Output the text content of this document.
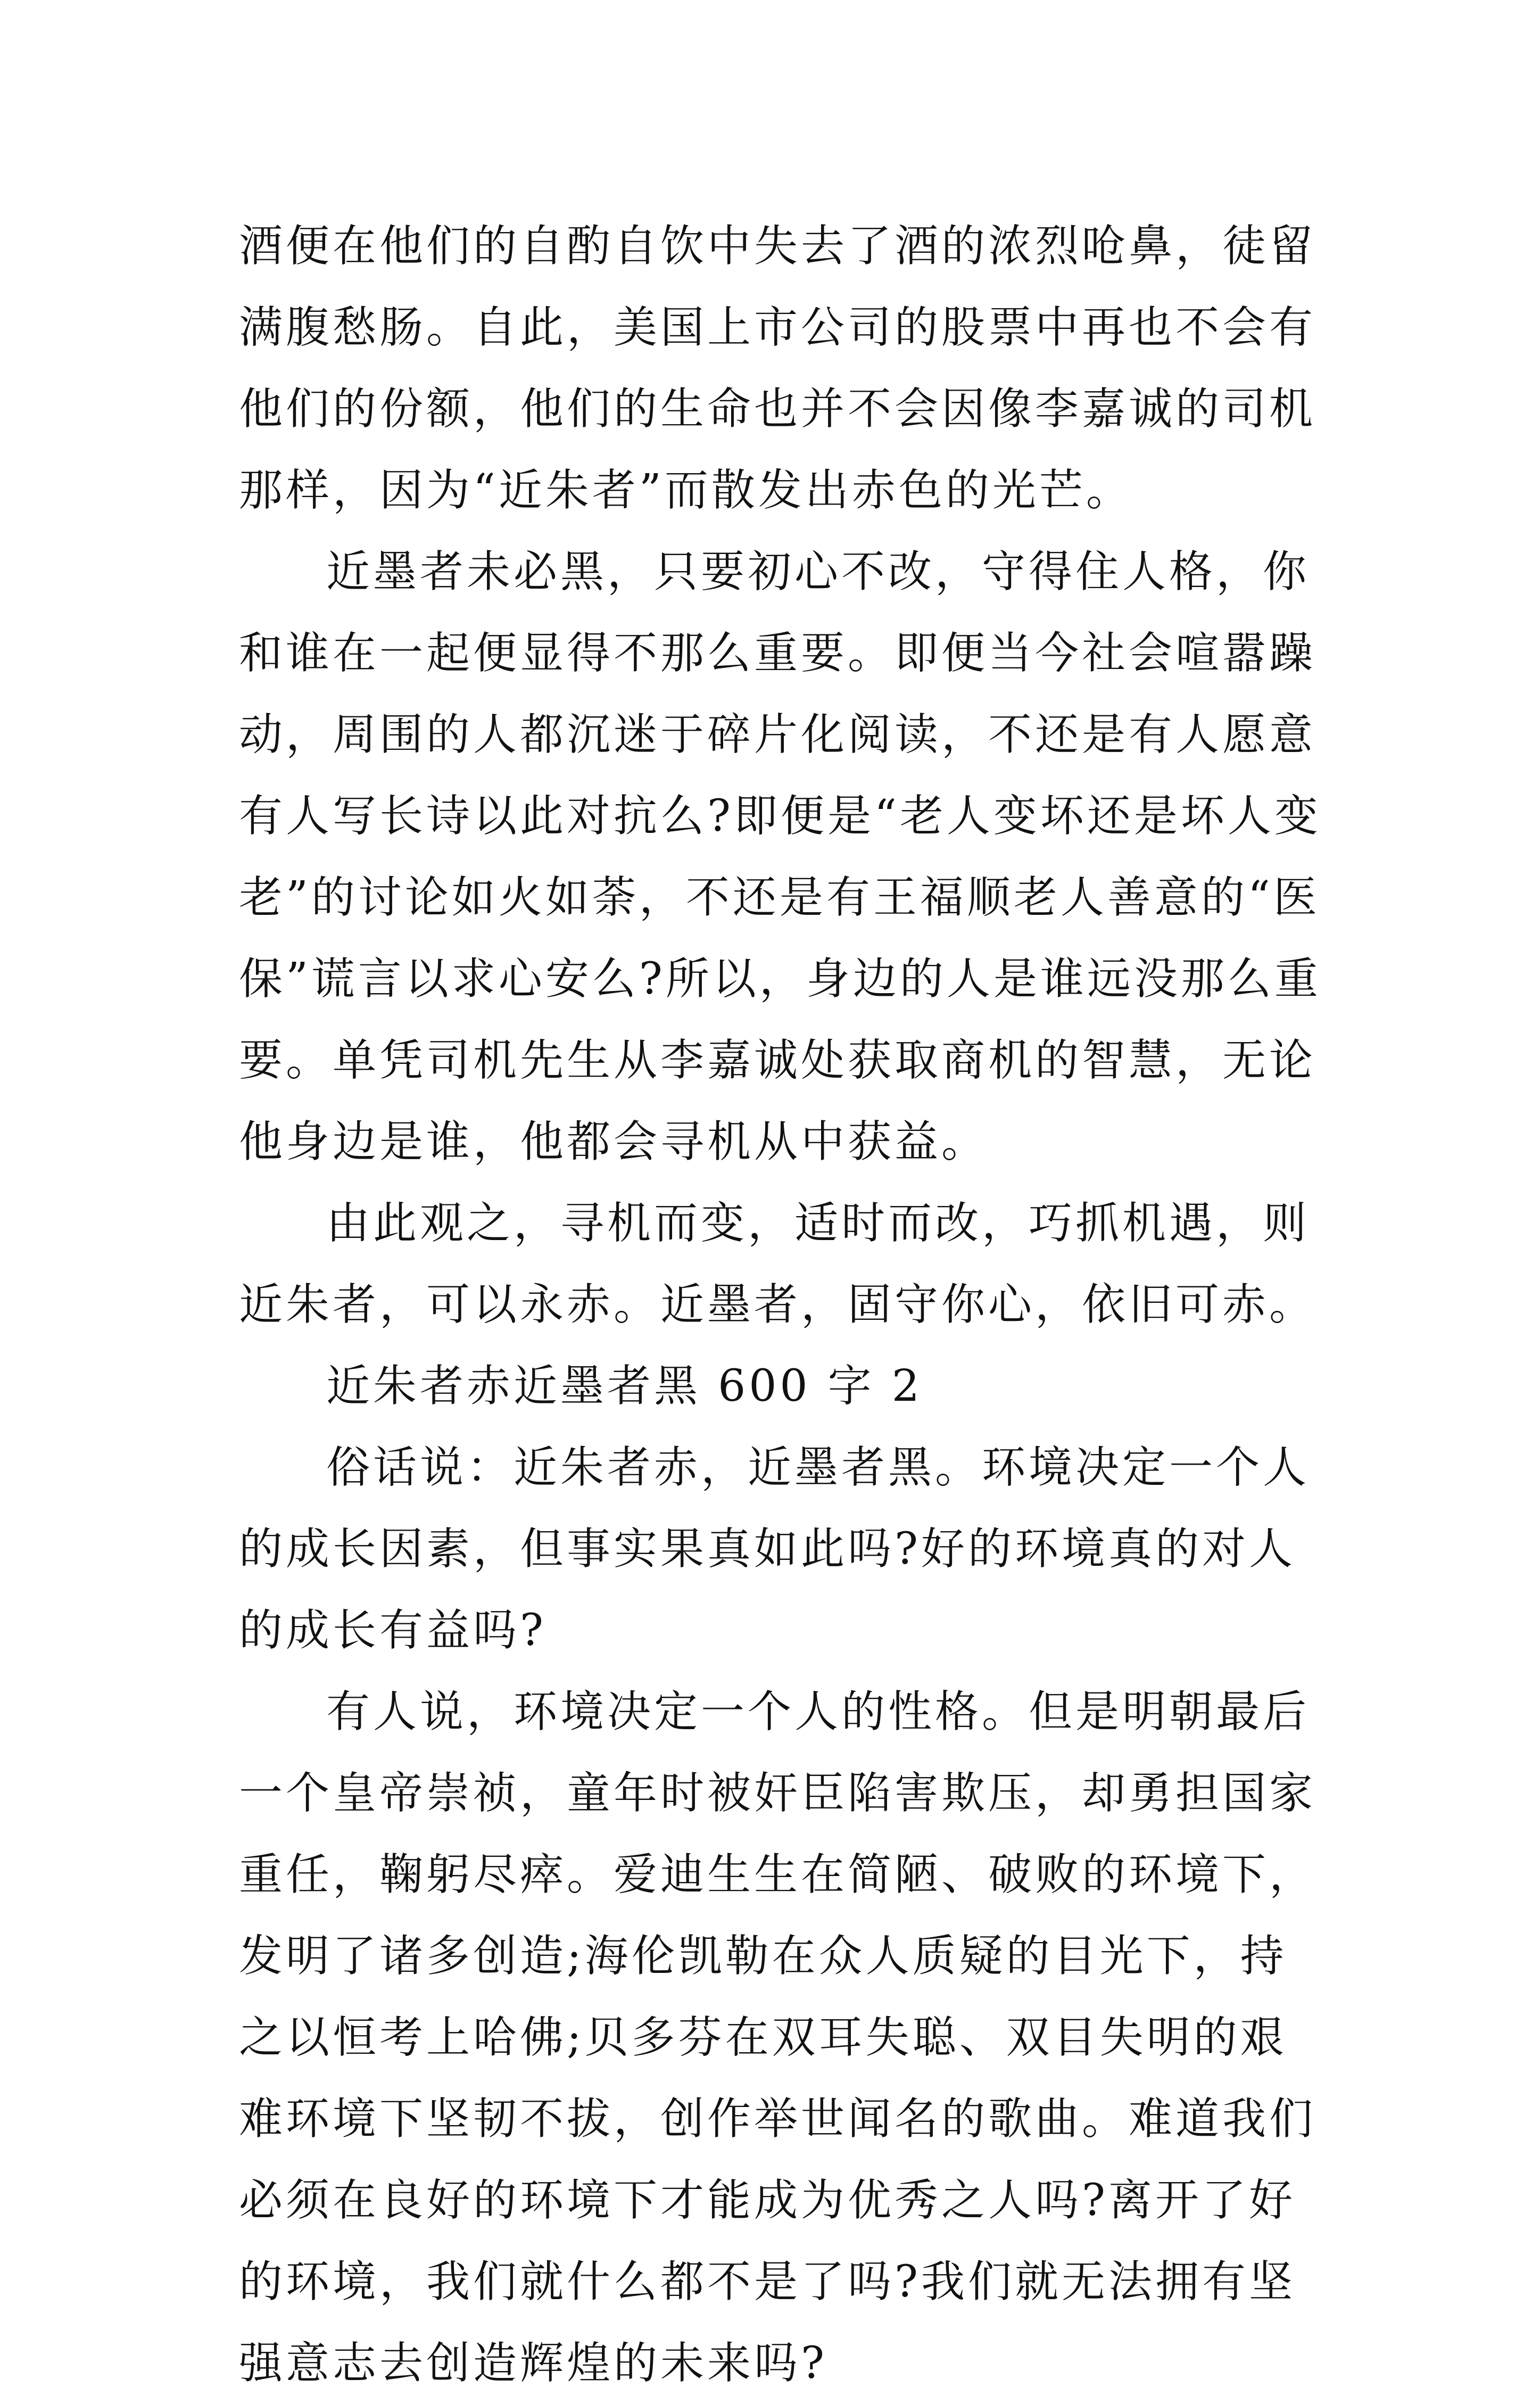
酒便在他们的自酌自饮中失去了酒的浓烈呛鼻，徒留满腹愁肠。自此，美国上市公司的股票中再也不会有他们的份额，他们的生命也并不会因像李嘉诚的司机那样，因为“近朱者”而散发出赤色的光芒。

近墨者未必黑，只要初心不改，守得住人格，你和谁在一起便显得不那么重要。即便当今社会喧嚣躁动，周围的人都沉迷于碎片化阅读，不还是有人愿意有人写长诗以此对抗么?即便是“老人变坏还是坏人变老”的讨论如火如荼，不还是有王福顺老人善意的“医保”谎言以求心安么?所以，身边的人是谁远没那么重要。单凭司机先生从李嘉诚处获取商机的智慧，无论他身边是谁，他都会寻机从中获益。

由此观之，寻机而变，适时而改，巧抓机遇，则近朱者，可以永赤。近墨者，固守你心，依旧可赤。

近朱者赤近墨者黑 600 字 2

俗话说：近朱者赤，近墨者黑。环境决定一个人的成长因素，但事实果真如此吗?好的环境真的对人的成长有益吗?

有人说，环境决定一个人的性格。但是明朝最后一个皇帝崇祯，童年时被奸臣陷害欺压，却勇担国家重任，鞠躬尽瘁。爱迪生生在简陋、破败的环境下，发明了诸多创造;海伦凯勒在众人质疑的目光下，持之以恒考上哈佛;贝多芬在双耳失聪、双目失明的艰难环境下坚韧不拔，创作举世闻名的歌曲。难道我们必须在良好的环境下才能成为优秀之人吗?离开了好的环境，我们就什么都不是了吗?我们就无法拥有坚强意志去创造辉煌的未来吗?
